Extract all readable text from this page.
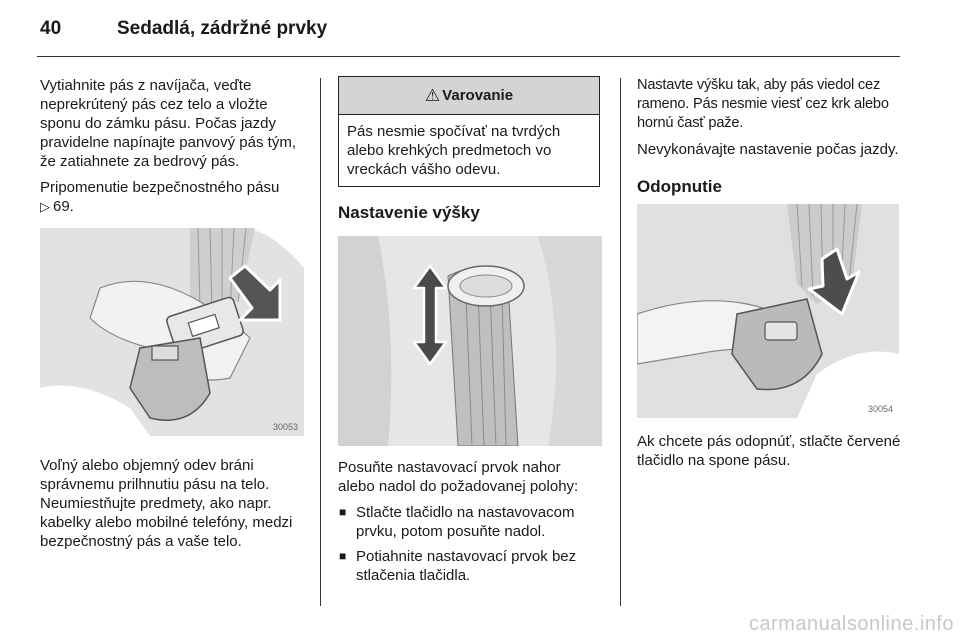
40	Sedadlá, zádržné prvky

Vytiahnite pás z navíjača, veďte neprekrútený pás cez telo a vložte sponu do zámku pásu. Počas jazdy pravidelne napínajte panvový pás tým, že zatiahnete za bedrový pás.

Pripomenutie bezpečnostného pásu
▷ 69.

30053

Voľný alebo objemný odev bráni správnemu prilhnutiu pásu na telo. Neumiestňujte predmety, ako napr. kabelky alebo mobilné telefóny, medzi bezpečnostný pás a vaše telo.

⚠ Varovanie
Pás nesmie spočívať na tvrdých alebo krehkých predmetoch vo vreckách vášho odevu.
Nastavenie výšky

Posuňte nastavovací prvok nahor alebo nadol do požadovanej polohy:

■ Stlačte tlačidlo na nastavovacom prvku, potom posuňte nadol.
■ Potiahnite nastavovací prvok bez stlačenia tlačidla.

Nastavte výšku tak, aby pás viedol cez rameno. Pás nesmie viesť cez krk alebo hornú časť paže.

Nevykonávajte nastavenie počas jazdy.

Odopnutie
30054

Ak chcete pás odopnúť, stlačte červené tlačidlo na spone pásu.

carmanualsonline.info
